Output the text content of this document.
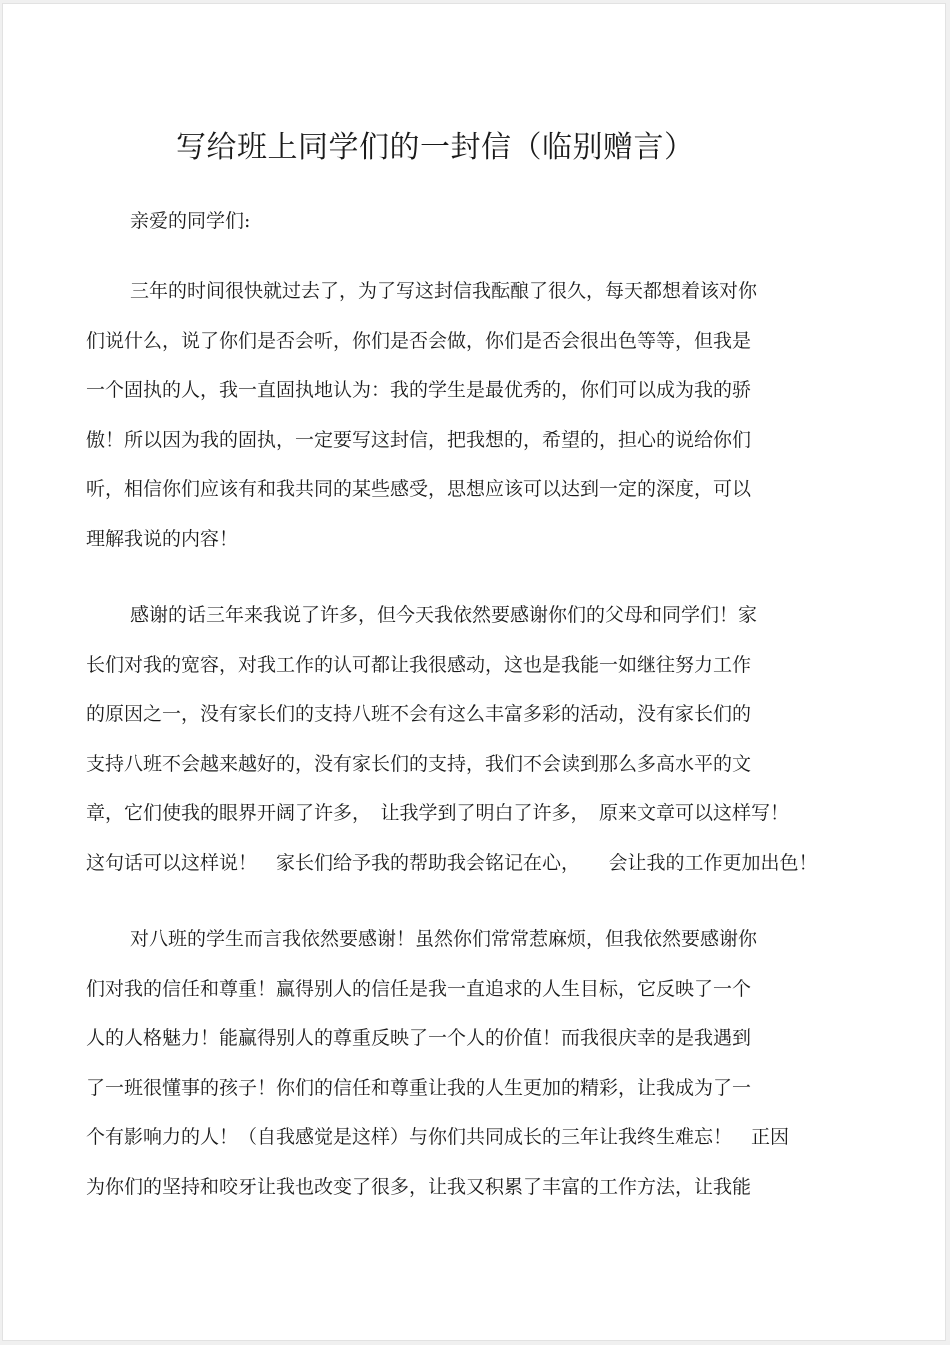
写给班上同学们的一封信（临别赠言）
亲爱的同学们:
三年的时间很快就过去了，为了写这封信我酝酿了很久，每天都想着该对你
们说什么，说了你们是否会听，你们是否会做，你们是否会很出色等等，但我是
一个固执的人，我一直固执地认为：我的学生是最优秀的，你们可以成为我的骄
傲！所以因为我的固执，一定要写这封信，把我想的，希望的，担心的说给你们
听，相信你们应该有和我共同的某些感受，思想应该可以达到一定的深度，可以
理解我说的内容！
感谢的话三年来我说了许多，但今天我依然要感谢你们的父母和同学们！家
长们对我的宽容，对我工作的认可都让我很感动，这也是我能一如继往努力工作
的原因之一，没有家长们的支持八班不会有这么丰富多彩的活动，没有家长们的
支持八班不会越来越好的，没有家长们的支持，我们不会读到那么多高水平的文
章，它们使我的眼界开阔了许多，　让我学到了明白了许多，　原来文章可以这样写！
这句话可以这样说！　家长们给予我的帮助我会铭记在心，　　会让我的工作更加出色！
对八班的学生而言我依然要感谢！虽然你们常常惹麻烦，但我依然要感谢你
们对我的信任和尊重！赢得别人的信任是我一直追求的人生目标，它反映了一个
人的人格魅力！能赢得别人的尊重反映了一个人的价值！而我很庆幸的是我遇到
了一班很懂事的孩子！你们的信任和尊重让我的人生更加的精彩，让我成为了一
个有影响力的人！（自我感觉是这样）与你们共同成长的三年让我终生难忘！　正因
为你们的坚持和咬牙让我也改变了很多，让我又积累了丰富的工作方法，让我能
